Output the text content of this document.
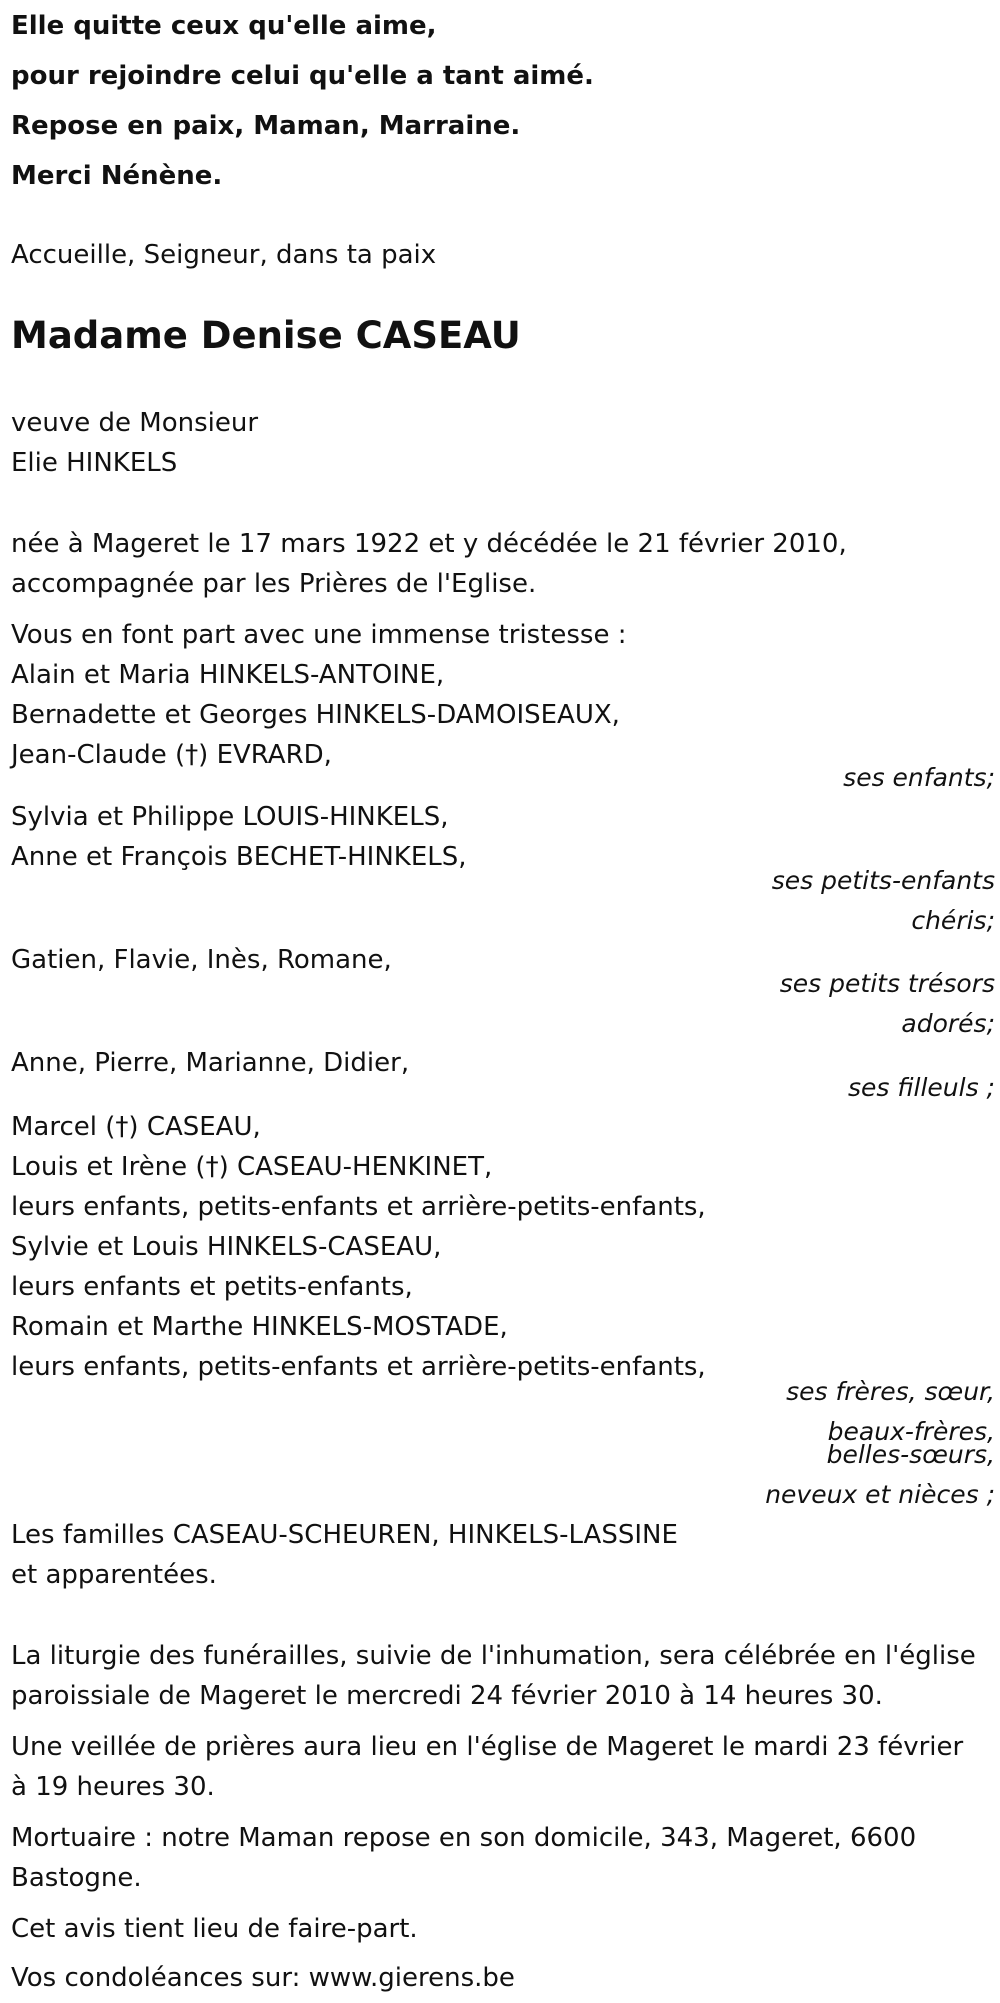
Elle quitte ceux qu'elle aime,

pour rejoindre celui qu'elle a tant aimé.

Repose en paix, Maman, Marraine.

Merci Nénène.

Accueille, Seigneur, dans ta paix

Madame Denise CASEAU

veuve de Monsieur

Elie HINKELS

née à Mageret le 17 mars 1922 et y décédée le 21 février 2010,

accompagnée par les Prières de l'Eglise.

Vous en font part avec une immense tristesse :

Alain et Maria HINKELS-ANTOINE,

Bernadette et Georges HINKELS-DAMOISEAUX,

Jean-Claude (†) EVRARD,

ses enfants;

Sylvia et Philippe LOUIS-HINKELS,

Anne et François BECHET-HINKELS,

ses petits-enfants

chéris;

Gatien, Flavie, Inès, Romane,

ses petits trésors

adorés;

Anne, Pierre, Marianne, Didier,

ses filleuls ;

Marcel (†) CASEAU,

Louis et Irène (†) CASEAU-HENKINET,

leurs enfants, petits-enfants et arrière-petits-enfants,

Sylvie et Louis HINKELS-CASEAU,

leurs enfants et petits-enfants,

Romain et Marthe HINKELS-MOSTADE,

leurs enfants, petits-enfants et arrière-petits-enfants,

ses frères, sœur,

beaux-frères,

belles-sœurs,

neveux et nièces ;

Les familles CASEAU-SCHEUREN, HINKELS-LASSINE

et apparentées.

La liturgie des funérailles, suivie de l'inhumation, sera célébrée en l'église

paroissiale de Mageret le mercredi 24 février 2010 à 14 heures 30.

Une veillée de prières aura lieu en l'église de Mageret le mardi 23 février

à 19 heures 30.

Mortuaire : notre Maman repose en son domicile, 343, Mageret, 6600

Bastogne.

Cet avis tient lieu de faire-part.

Vos condoléances sur: www.gierens.be
